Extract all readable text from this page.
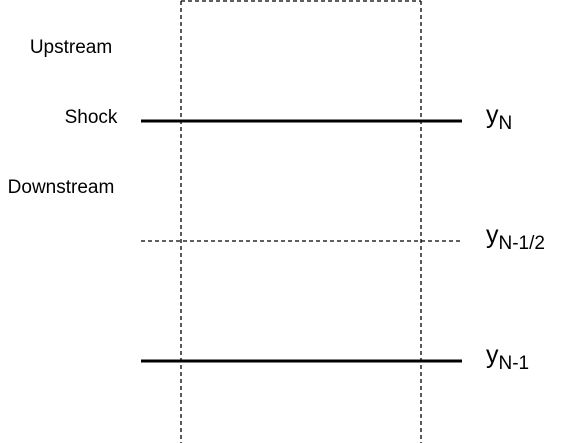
Upstream
Shock
Downstream
$y_N$
$y_{N-1/2}$
$y_{N-1}$
